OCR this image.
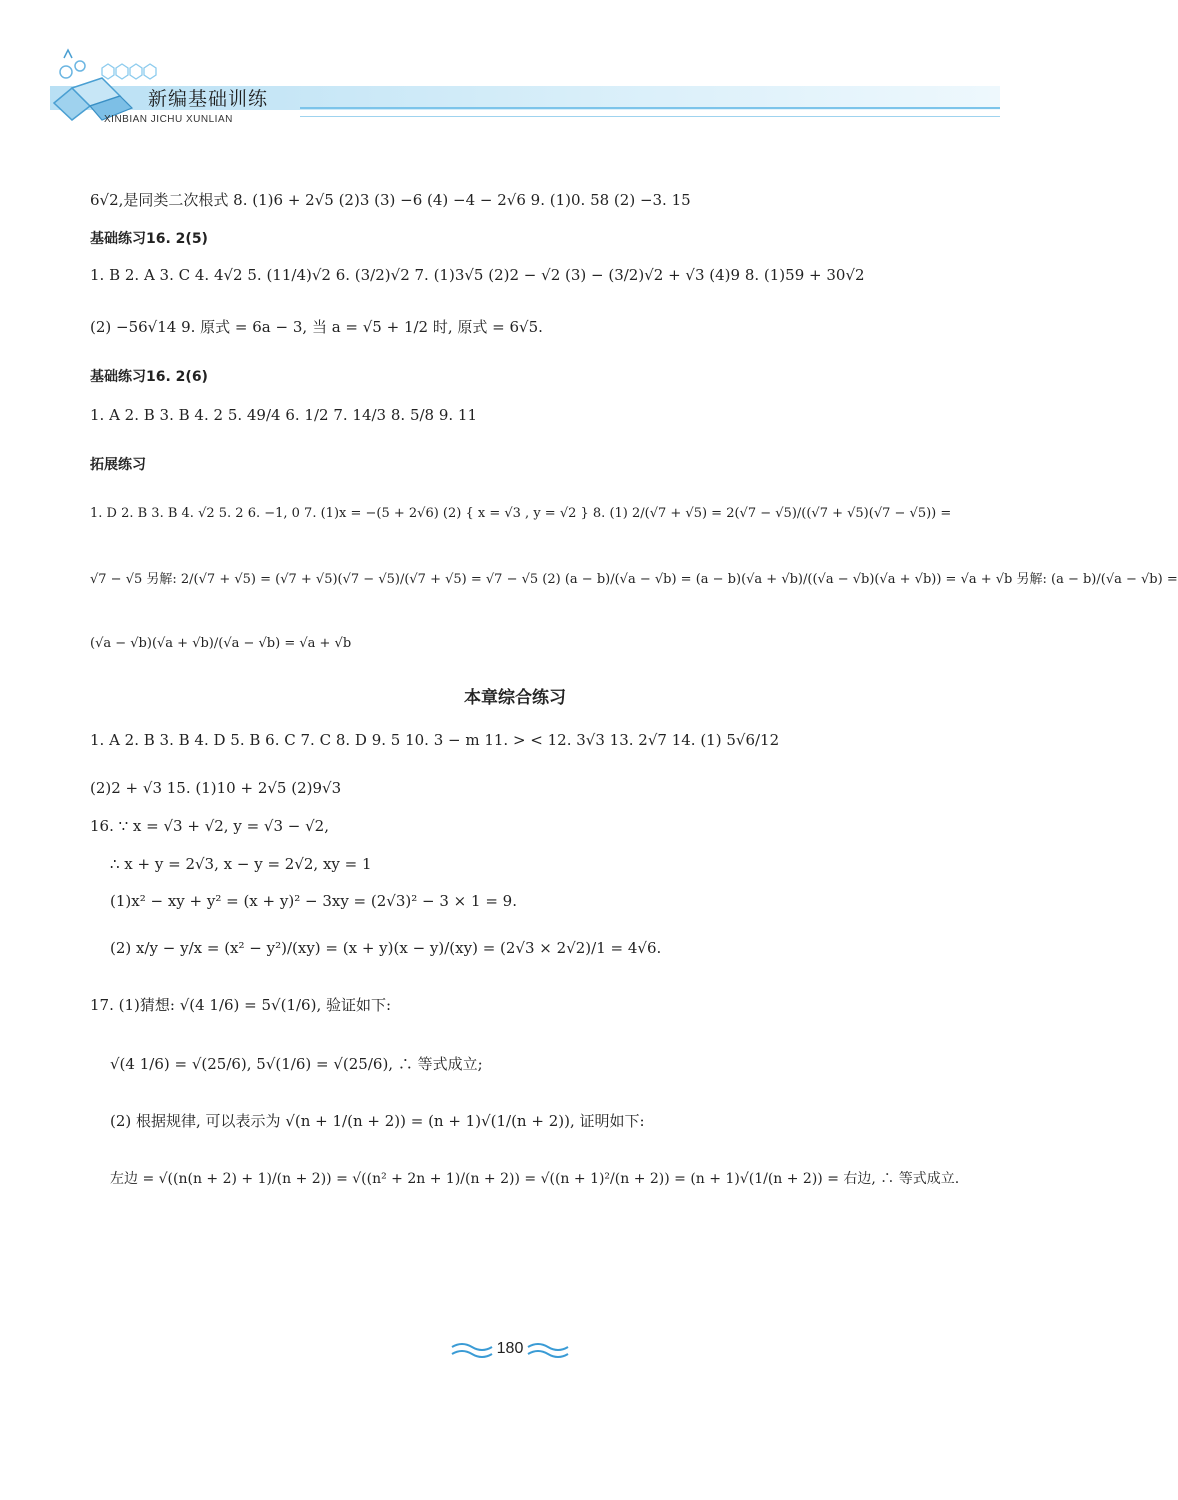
新编基础训练
XINBIAN JICHU XUNLIAN
6√2,是同类二次根式 8. (1)6 + 2√5 (2)3 (3) −6 (4) −4 − 2√6 9. (1)0. 58 (2) −3. 15
基础练习16. 2(5)
1. B 2. A 3. C 4. 4√2 5. (11/4)√2 6. (3/2)√2 7. (1)3√5 (2)2 − √2 (3) − (3/2)√2 + √3 (4)9 8. (1)59 + 30√2
(2) −56√14 9. 原式 = 6a − 3, 当 a = √5 + 1/2 时, 原式 = 6√5.
基础练习16. 2(6)
1. A 2. B 3. B 4. 2 5. 49/4 6. 1/2 7. 14/3 8. 5/8 9. 11
拓展练习
1. D 2. B 3. B 4. √2 5. 2 6. −1, 0 7. (1)x = −(5 + 2√6) (2) { x = √3 , y = √2 } 8. (1) 2/(√7 + √5) = 2(√7 − √5)/((√7 + √5)(√7 − √5)) =
√7 − √5 另解: 2/(√7 + √5) = (√7 + √5)(√7 − √5)/(√7 + √5) = √7 − √5 (2) (a − b)/(√a − √b) = (a − b)(√a + √b)/((√a − √b)(√a + √b)) = √a + √b 另解: (a − b)/(√a − √b) =
(√a − √b)(√a + √b)/(√a − √b) = √a + √b
本章综合练习
1. A 2. B 3. B 4. D 5. B 6. C 7. C 8. D 9. 5 10. 3 − m 11. > < 12. 3√3 13. 2√7 14. (1) 5√6/12
(2)2 + √3 15. (1)10 + 2√5 (2)9√3
16. ∵ x = √3 + √2, y = √3 − √2,
∴ x + y = 2√3, x − y = 2√2, xy = 1
(1)x² − xy + y² = (x + y)² − 3xy = (2√3)² − 3 × 1 = 9.
(2) x/y − y/x = (x² − y²)/(xy) = (x + y)(x − y)/(xy) = (2√3 × 2√2)/1 = 4√6.
17. (1)猜想: √(4 1/6) = 5√(1/6), 验证如下:
√(4 1/6) = √(25/6), 5√(1/6) = √(25/6), ∴ 等式成立;
(2) 根据规律, 可以表示为 √(n + 1/(n + 2)) = (n + 1)√(1/(n + 2)), 证明如下:
左边 = √((n(n + 2) + 1)/(n + 2)) = √((n² + 2n + 1)/(n + 2)) = √((n + 1)²/(n + 2)) = (n + 1)√(1/(n + 2)) = 右边, ∴ 等式成立.
180
